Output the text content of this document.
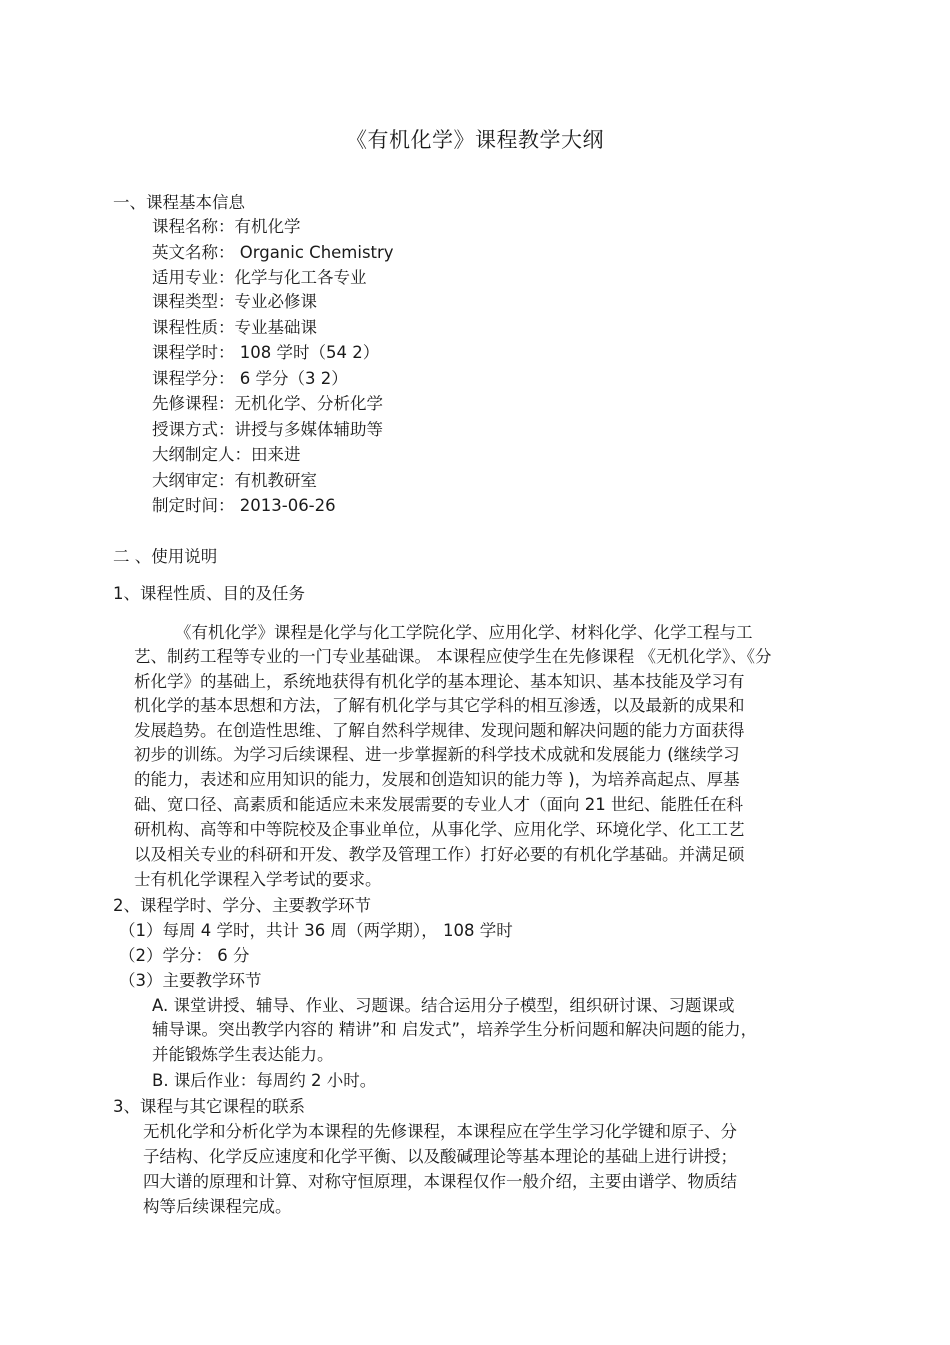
《有机化学》课程教学大纲
一、课程基本信息
课程名称：有机化学
英文名称： Organic Chemistry
适用专业：化学与化工各专业
课程类型：专业必修课
课程性质：专业基础课
课程学时： 108 学时（54 2）
课程学分： 6 学分（3 2）
先修课程：无机化学、分析化学
授课方式：讲授与多媒体辅助等
大纲制定人：田来进
大纲审定：有机教研室
制定时间： 2013-06-26
二 、使用说明
1、课程性质、目的及任务
《有机化学》课程是化学与化工学院化学、应用化学、材料化学、化学工程与工
艺、制药工程等专业的一门专业基础课。 本课程应使学生在先修课程 《无机化学》、《分
析化学》的基础上，系统地获得有机化学的基本理论、基本知识、基本技能及学习有
机化学的基本思想和方法，了解有机化学与其它学科的相互渗透，以及最新的成果和
发展趋势。在创造性思维、了解自然科学规律、发现问题和解决问题的能力方面获得
初步的训练。为学习后续课程、进一步掌握新的科学技术成就和发展能力 (继续学习
的能力，表述和应用知识的能力，发展和创造知识的能力等 )，为培养高起点、厚基
础、宽口径、高素质和能适应未来发展需要的专业人才（面向 21 世纪、能胜任在科
研机构、高等和中等院校及企事业单位，从事化学、应用化学、环境化学、化工工艺
以及相关专业的科研和开发、教学及管理工作）打好必要的有机化学基础。并满足硕
士有机化学课程入学考试的要求。
2、课程学时、学分、主要教学环节
（1）每周 4 学时，共计 36 周（两学期）， 108 学时
（2）学分： 6 分
（3）主要教学环节
A. 课堂讲授、辅导、作业、习题课。结合运用分子模型，组织研讨课、习题课或
辅导课。突出教学内容的 精讲”和 启发式”，培养学生分析问题和解决问题的能力，
并能锻炼学生表达能力。
B. 课后作业：每周约 2 小时。
3、课程与其它课程的联系
无机化学和分析化学为本课程的先修课程，本课程应在学生学习化学键和原子、分
子结构、化学反应速度和化学平衡、以及酸碱理论等基本理论的基础上进行讲授；
四大谱的原理和计算、对称守恒原理，本课程仅作一般介绍，主要由谱学、物质结
构等后续课程完成。
